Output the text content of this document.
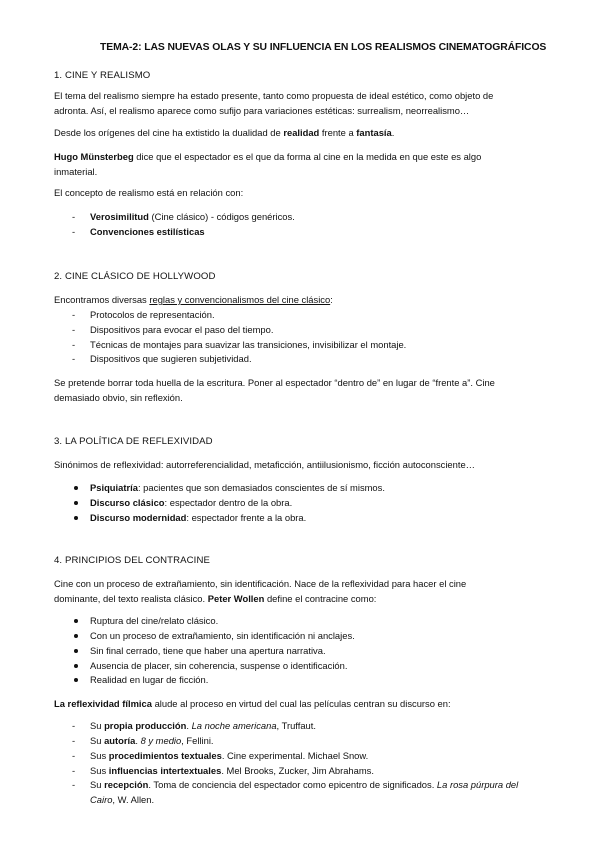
TEMA-2: LAS NUEVAS OLAS Y SU INFLUENCIA EN LOS REALISMOS CINEMATOGRÁFICOS
1. CINE Y REALISMO
El tema del realismo siempre ha estado presente, tanto como propuesta de ideal estético, como objeto de
adronta. Así, el realismo aparece como sufijo para variaciones estéticas: surrealism, neorrealismo…
Desde los orígenes del cine ha extistido la dualidad de realidad frente a fantasía.
Hugo Münsterbeg dice que el espectador es el que da forma al cine en la medida en que este es algo
inmaterial.
El concepto de realismo está en relación con:
-	Verosimilitud (Cine clásico) - códigos genéricos.
-	Convenciones estilísticas
2. CINE CLÁSICO DE HOLLYWOOD
Encontramos diversas reglas y convencionalismos del cine clásico:
-	Protocolos de representación.
-	Dispositivos para evocar el paso del tiempo.
-	Técnicas de montajes para suavizar las transiciones, invisibilizar el montaje.
-	Dispositivos que sugieren subjetividad.
Se pretende borrar toda huella de la escritura. Poner al espectador “dentro de” en lugar de “frente a”. Cine
demasiado obvio, sin reflexión.
3. LA POLÍTICA DE REFLEXIVIDAD
Sinónimos de reflexividad: autorreferencialidad, metaficción, antiilusionismo, ficción autoconsciente…
Psiquiatría: pacientes que son demasiados conscientes de sí mismos.
Discurso clásico: espectador dentro de la obra.
Discurso modernidad: espectador frente a la obra.
4. PRINCIPIOS DEL CONTRACINE
Cine con un proceso de extrañamiento, sin identificación. Nace de la reflexividad para hacer el cine
dominante, del texto realista clásico. Peter Wollen define el contracine como:
Ruptura del cine/relato clásico.
Con un proceso de extrañamiento, sin identificación ni anclajes.
Sin final cerrado, tiene que haber una apertura narrativa.
Ausencia de placer, sin coherencia, suspense o identificación.
Realidad en lugar de ficción.
La reflexividad fílmica alude al proceso en virtud del cual las películas centran su discurso en:
-	Su propia producción. La noche americana, Truffaut.
-	Su autoría. 8 y medio, Fellini.
-	Sus procedimientos textuales. Cine experimental. Michael Snow.
-	Sus influencias intertextuales. Mel Brooks, Zucker, Jim Abrahams.
-	Su recepción. Toma de conciencia del espectador como epicentro de significados. La rosa púrpura del
Cairo, W. Allen.
